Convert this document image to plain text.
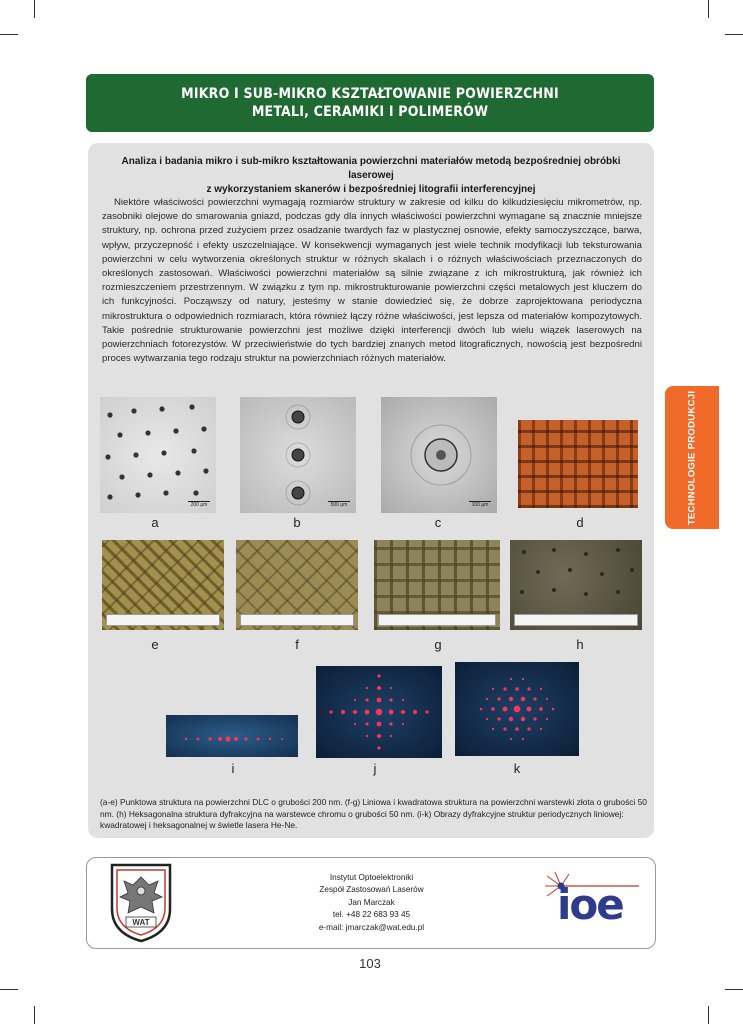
MIKRO I SUB-MIKRO KSZTAŁTOWANIE POWIERZCHNI
METALI, CERAMIKI I POLIMERÓW
TECHNOLOGIE PRODUKCJI
Analiza i badania mikro i sub-mikro kształtowania powierzchni materiałów metodą bezpośredniej obróbki laserowej
z wykorzystaniem skanerów i bezpośredniej litografii interferencyjnej

Niektóre właściwości powierzchni wymagają rozmiarów struktury w zakresie od kilku do kilkudziesięciu mikrometrów, np. zasobniki olejowe do smarowania gniazd, podczas gdy dla innych właściwości powierzchni wymagane są znacznie mniejsze struktury, np. ochrona przed zużyciem przez osadzanie twardych faz w plastycznej osnowie, efekty samoczyszczące, barwa, wpływ, przyczepność i efekty uszczelniające. W konsekwencji wymaganych jest wiele technik modyfikacji lub teksturowania powierzchni w celu wytworzenia określonych struktur w różnych skalach i o różnych właściwościach przeznaczonych do określonych zastosowań. Właściwości powierzchni materiałów są silnie związane z ich mikrostrukturą, jak również ich rozmieszczeniem przestrzennym. W związku z tym np. mikrostrukturowanie powierzchni części metalowych jest kluczem do ich funkcyjności. Począwszy od natury, jesteśmy w stanie dowiedzieć się, że dobrze zaprojektowana periodyczna mikrostruktura o odpowiednich rozmiarach, która również łączy różne właściwości, jest lepsza od materiałów kompozytowych. Takie pośrednie strukturowanie powierzchni jest możliwe dzięki interferencji dwóch lub wielu wiązek laserowych na powierzchniach fotorezystów. W przeciwieństwie do tych bardziej znanych metod litograficznych, nowością jest bezpośredni proces wytwarzania tego rodzaju struktur na powierzchniach różnych materiałów.

200 µm	500 µm	100 µm
a	b	c	d
e	f	g	h
i	j	k

(a-e) Punktowa struktura na powierzchni DLC o grubości 200 nm. (f-g) Liniowa i kwadratowa struktura na powierzchni warstewki złota o grubości 50 nm. (h) Heksagonalna struktura dyfrakcyjna na warstewce chromu o grubości 50 nm. (i-k) Obrazy dyfrakcyjne struktur periodycznych liniowej: kwadratowej i heksagonalnej w świetle lasera He-Ne.

WAT
Instytut Optoelektroniki
Zespół Zastosowań Laserów
Jan Marczak
tel. +48 22 683 93 45
e-mail: jmarczak@wat.edu.pl	ioe
103
